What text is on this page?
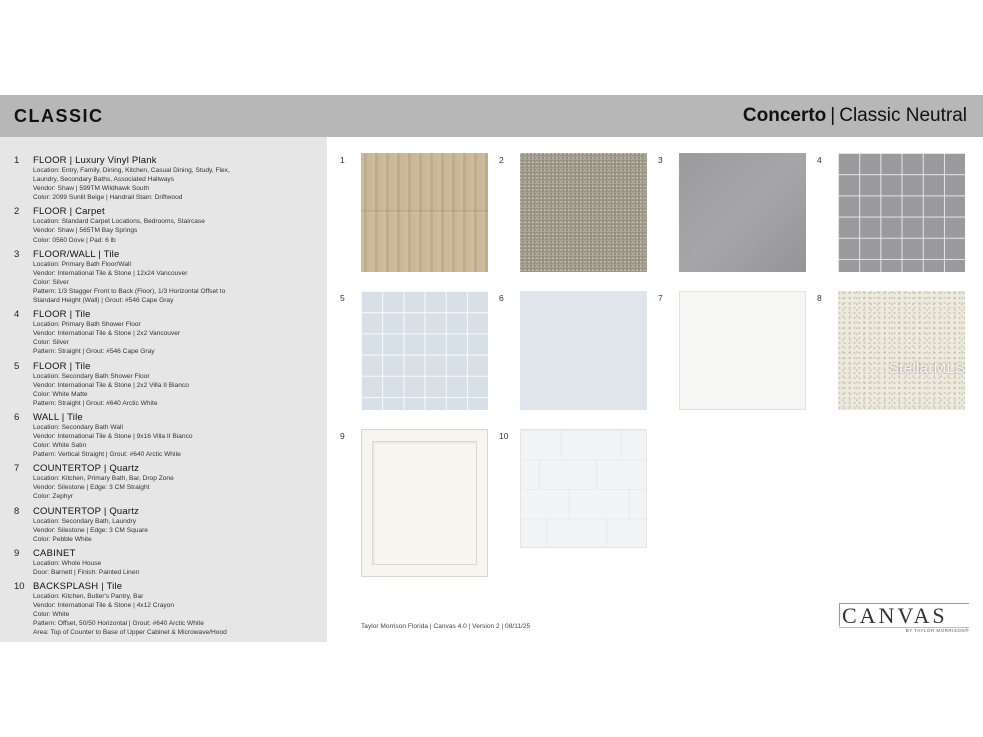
CLASSIC	Concerto | Classic Neutral
1	FLOOR | Luxury Vinyl Plank
Location: Entry, Family, Dining, Kitchen, Casual Dining, Study, Flex,
Laundry, Secondary Baths, Associated Hallways
Vendor: Shaw | 599TM Wildhawk South
Color: 2099 Sunlit Beige | Handrail Stain: Driftwood
2	FLOOR | Carpet
Location: Standard Carpet Locations, Bedrooms, Staircase
Vendor: Shaw | 565TM Bay Springs
Color: 0560 Dove | Pad: 6 lb
3	FLOOR/WALL | Tile
Location: Primary Bath Floor/Wall
Vendor: International Tile & Stone | 12x24 Vancouver
Color: Silver
Pattern: 1/3 Stagger Front to Back (Floor), 1/3 Horizontal Offset to
Standard Height (Wall) | Grout: #546 Cape Gray
4	FLOOR | Tile
Location: Primary Bath Shower Floor
Vendor: International Tile & Stone | 2x2 Vancouver
Color: Silver
Pattern: Straight | Grout: #546 Cape Gray
5	FLOOR | Tile
Location: Secondary Bath Shower Floor
Vendor: International Tile & Stone | 2x2 Villa II Bianco
Color: White Matte
Pattern: Straight | Grout: #640 Arctic White
6	WALL | Tile
Location: Secondary Bath Wall
Vendor: International Tile & Stone | 9x16 Villa II Bianco
Color: White Satin
Pattern: Vertical Straight | Grout: #640 Arctic White
7	COUNTERTOP | Quartz
Location: Kitchen, Primary Bath, Bar, Drop Zone
Vendor: Silestone | Edge: 3 CM Straight
Color: Zephyr
8	COUNTERTOP | Quartz
Location: Secondary Bath, Laundry
Vendor: Silestone | Edge: 3 CM Square
Color: Pebble White
9	CABINET
Location: Whole House
Door: Barnett | Finish: Painted Linen
10 BACKSPLASH | Tile
Location: Kitchen, Butler's Pantry, Bar
Vendor: International Tile & Stone | 4x12 Crayon
Color: White
Pattern: Offset, 50/50 Horizontal | Grout: #640 Arctic White
Area: Top of Counter to Base of Upper Cabinet & Microwave/Hood
1	2	3	4
5	6	7	8
9	10
StellarMLS
Taylor Morrison Florida | Canvas 4.0 | Version 2 | 08/11/25	CANVAS
BY TAYLOR MORRISON®
